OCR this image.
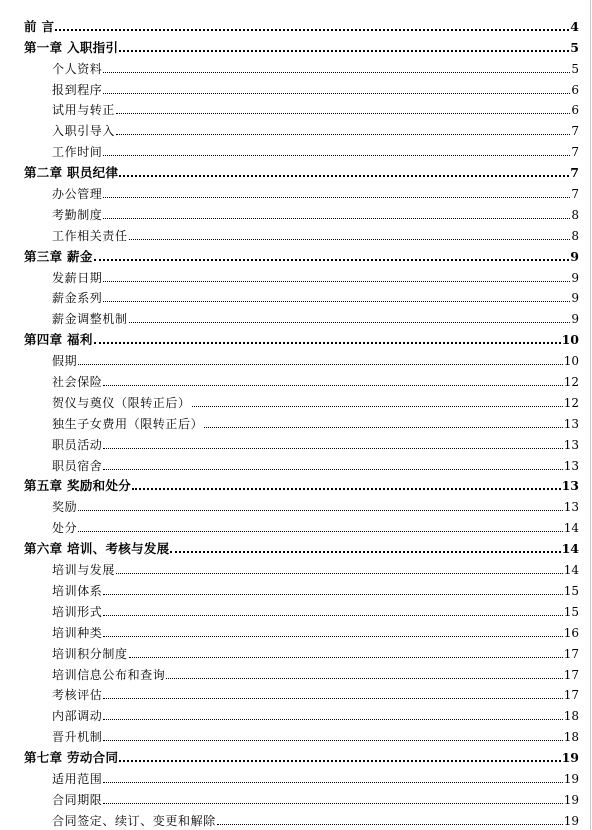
前 言	4
第一章 入职指引	5
个人资料	5
报到程序	6
试用与转正	6
入职引导入	7
工作时间	7
第二章 职员纪律	7
办公管理	7
考勤制度	8
工作相关责任	8
第三章 薪金	9
发薪日期	9
薪金系列	9
薪金调整机制	9
第四章 福利	10
假期	10
社会保险	12
贺仪与奠仪（限转正后）	12
独生子女费用（限转正后）	13
职员活动	13
职员宿舍	13
第五章 奖励和处分	13
奖励	13
处分	14
第六章 培训、考核与发展	14
培训与发展	14
培训体系	15
培训形式	15
培训种类	16
培训积分制度	17
培训信息公布和查询	17
考核评估	17
内部调动	18
晋升机制	18
第七章 劳动合同	19
适用范围	19
合同期限	19
合同签定、续订、变更和解除	19
